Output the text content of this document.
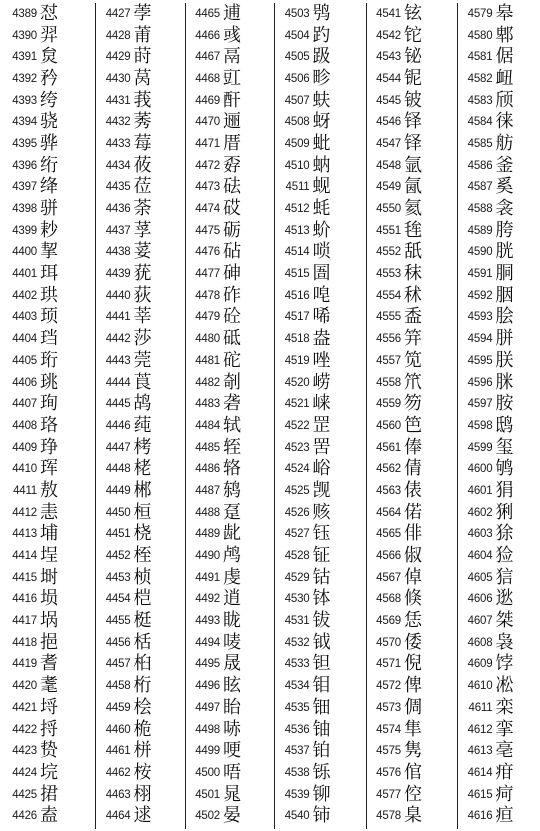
4389 怼
4390 羿
4391 炱
4392 矜
4393 绔
4394 骁
4395 骅
4396 绗
4397 绛
4398 骈
4399 耖
4400 挈
4401 珥
4402 珙
4403 顼
4404 珰
4405 珩
4406 珧
4407 珣
4408 珞
4409 琤
4410 珲
4411 敖
4412 恚
4413 埔
4414 埕
4415 埘
4416 埙
4417 埚
4418 挹
4419 耆
4420 耄
4421 埒
4422 捋
4423 贽
4424 垸
4425 捃
4426 盍
4427 荸
4428 莆
4429 莳
4430 莴
4431 莪
4432 莠
4433 莓
4434 莜
4435 莅
4436 荼
4437 莩
4438 荽
4439 莸
4440 荻
4441 莘
4442 莎
4443 莞
4444 莨
4445 鸪
4446 莼
4447 栲
4448 栳
4449 郴
4450 桓
4451 桡
4452 桎
4453 桢
4454 桤
4455 梃
4456 栝
4457 桕
4458 桁
4459 桧
4460 桅
4461 栟
4462 桉
4463 栩
4464 逑
4465 逋
4466 彧
4467 鬲
4468 豇
4469 酐
4470 逦
4471 厝
4472 孬
4473 砝
4474 砹
4475 砺
4476 砧
4477 砷
4478 砟
4479 砼
4480 砥
4481 砣
4482 剞
4483 砻
4484 轼
4485 轾
4486 辂
4487 鸫
4488 趸
4489 龀
4490 鸬
4491 虔
4492 逍
4493 眬
4494 唛
4495 晟
4496 眩
4497 眙
4498 哧
4499 哽
4500 唔
4501 晁
4502 晏
4503 鸮
4504 趵
4505 趿
4506 畛
4507 蚨
4508 蚜
4509 蚍
4510 蚋
4511 蚬
4512 蚝
4513 蚧
4514 唢
4515 圄
4516 唣
4517 唏
4518 盎
4519 唑
4520 崂
4521 崃
4522 罡
4523 罟
4524 峪
4525 觊
4526 赅
4527 钰
4528 钲
4529 钴
4530 钵
4531 钹
4532 钺
4533 钽
4534 钼
4535 钿
4536 铀
4537 铂
4538 铄
4539 铆
4540 铈
4541 铉
4542 铊
4543 铋
4544 铌
4545 铍
4546 铎
4547 铎
4548 氩
4549 氤
4550 氦
4551 毪
4552 舐
4553 秣
4554 秫
4555 盉
4556 笄
4557 笕
4558 笊
4559 笏
4560 笆
4561 俸
4562 倩
4563 俵
4564 偌
4565 俳
4566 俶
4567 倬
4568 倏
4569 恁
4570 倭
4571 倪
4572 俾
4573 倜
4574 隼
4575 隽
4576 倌
4577 倥
4578 臬
4579 皋
4580 郫
4581 倨
4582 衄
4583 颀
4584 徕
4585 舫
4586 釜
4587 奚
4588 衾
4589 胯
4590 胱
4591 胴
4592 胭
4593 脍
4594 胼
4595 朕
4596 脒
4597 胺
4598 鸱
4599 玺
4600 鸲
4601 狷
4602 猁
4603 狳
4604 猃
4605 狺
4606 逖
4607 桀
4608 袅
4609 饽
4610 凇
4611 栾
4612 挛
4613 亳
4614 疳
4615 疴
4616 疸
